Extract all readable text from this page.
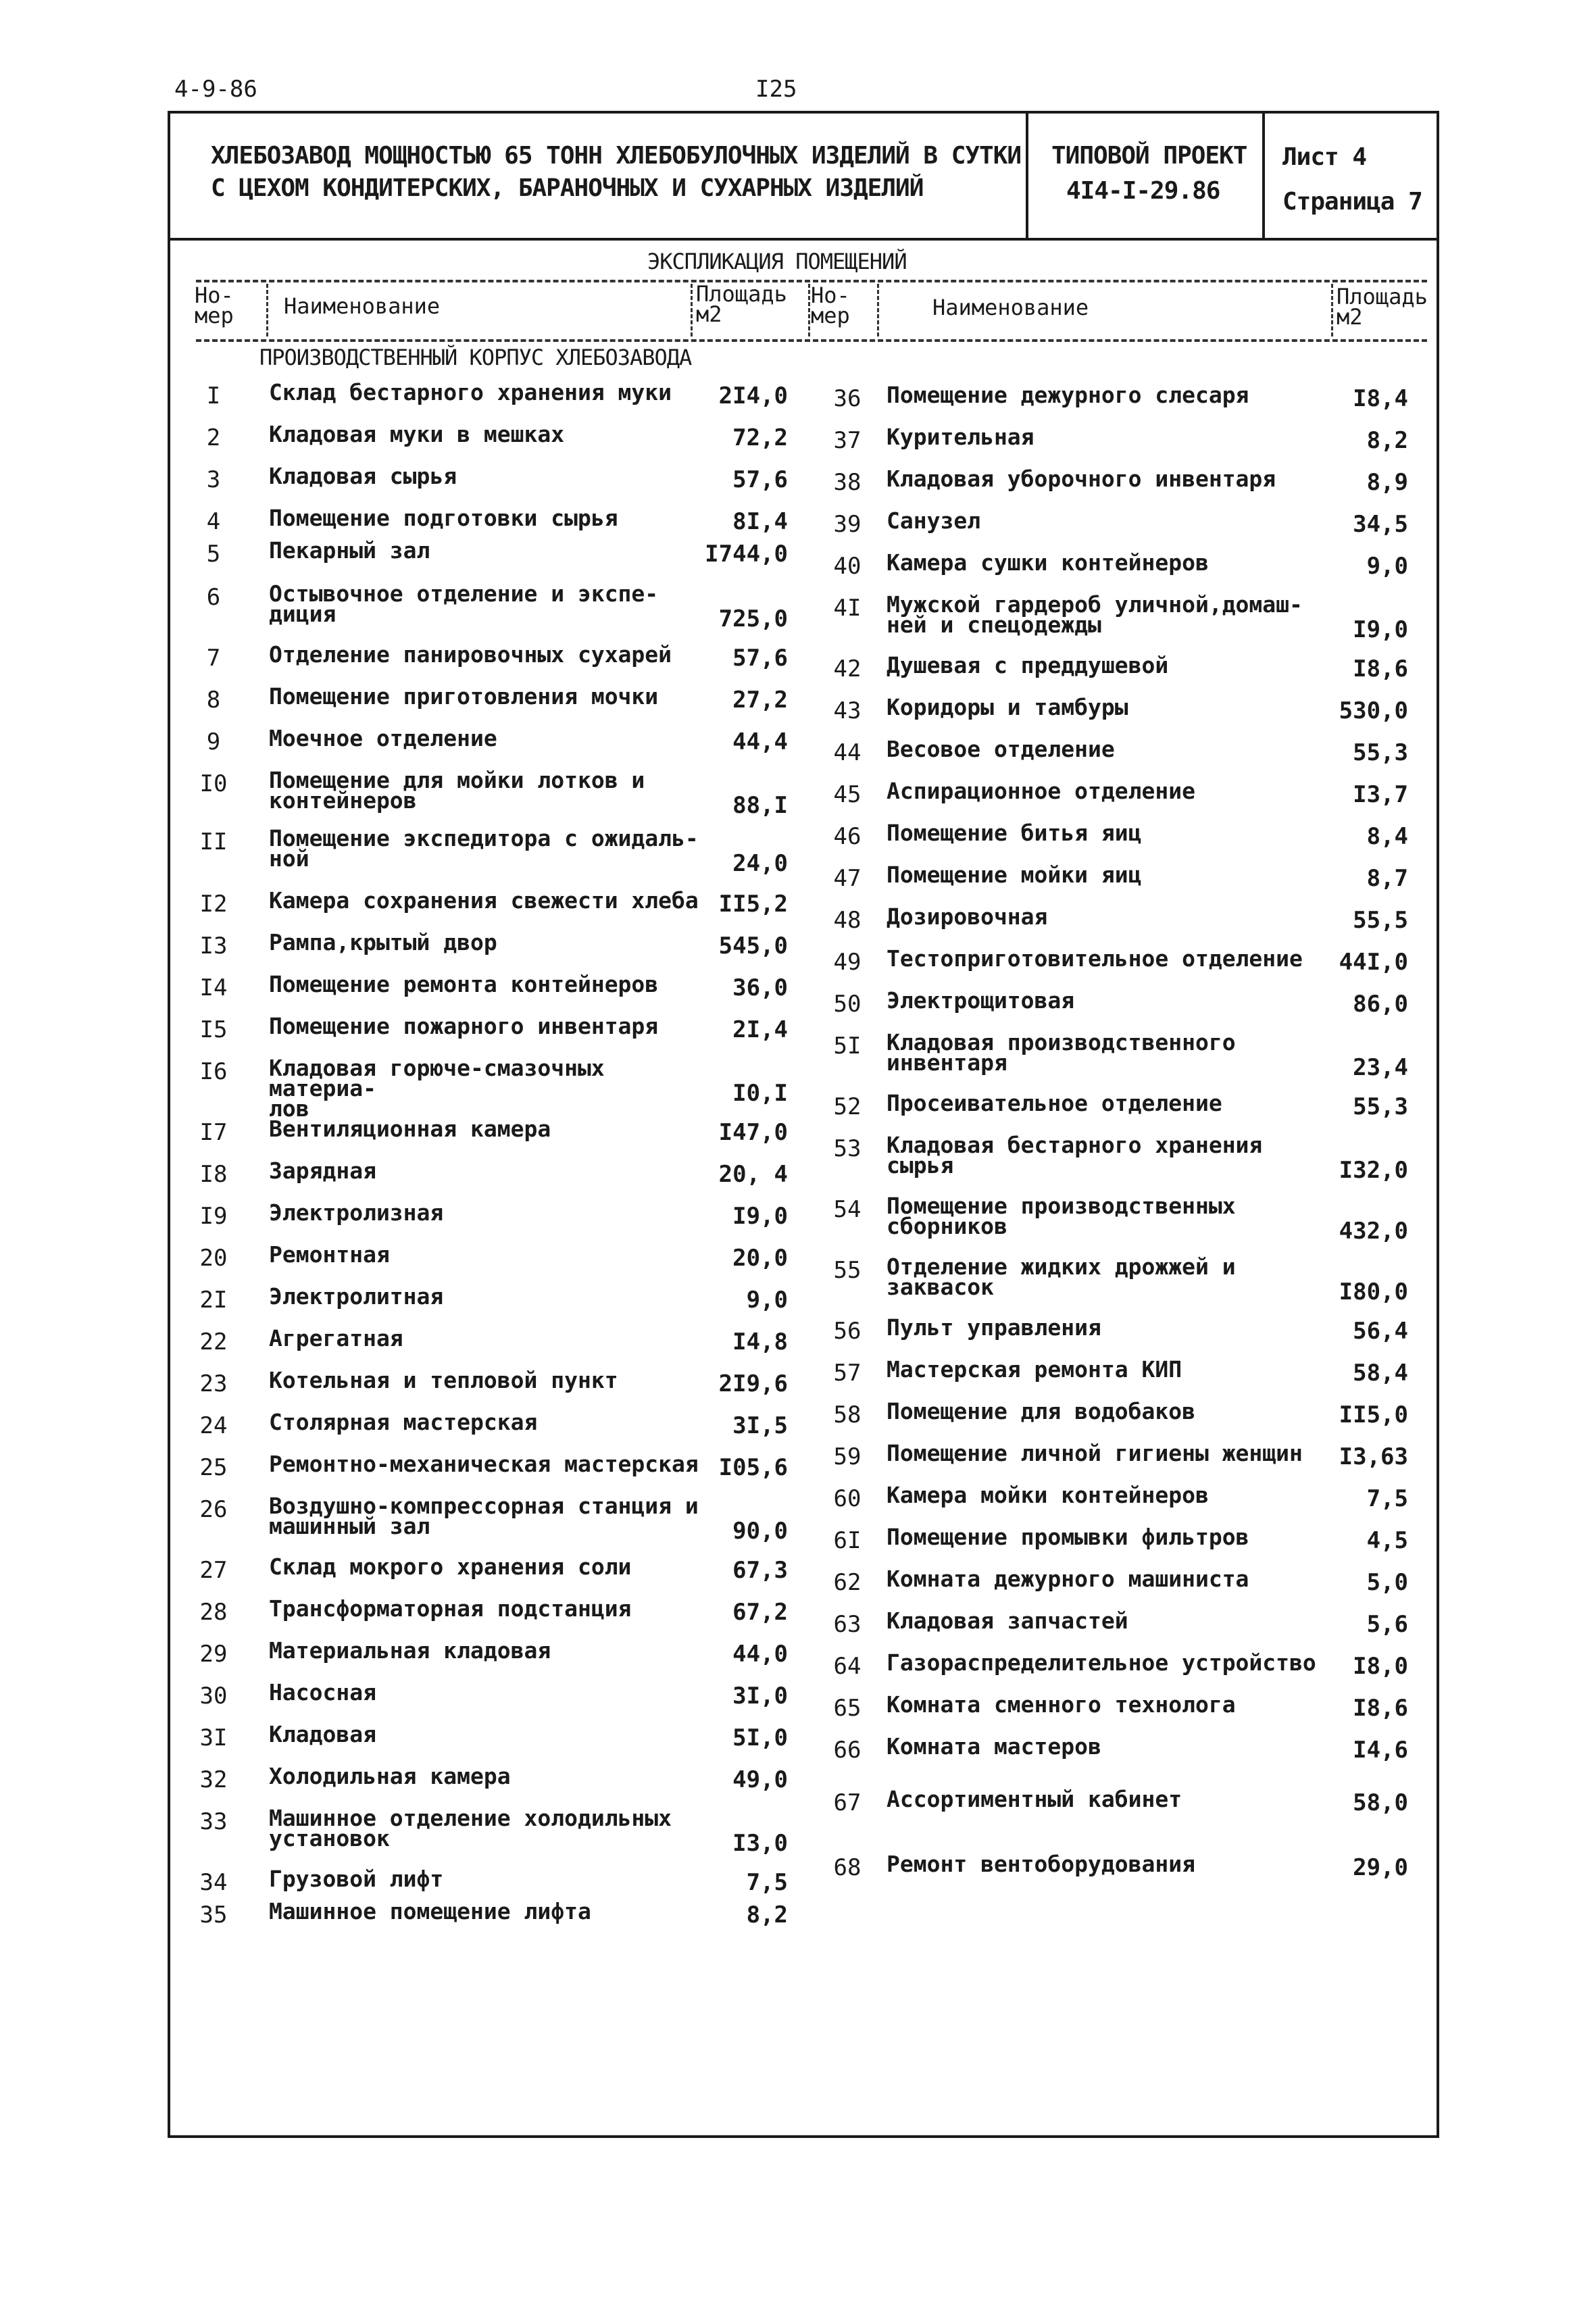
4-9-86	I25
ХЛЕБОЗАВОД МОЩНОСТЬЮ 65 ТОНН ХЛЕБОБУЛОЧНЫХ ИЗДЕЛИЙ В СУТКИ
С ЦЕХОМ КОНДИТЕРСКИХ, БАРАНОЧНЫХ И СУХАРНЫХ ИЗДЕЛИЙ
ТИПОВОЙ ПРОЕКТ
4I4-I-29.86
Лист 4
Страница 7
ЭКСПЛИКАЦИЯ ПОМЕЩЕНИЙ
Но-
мер Наименование	Площадь
м2
Но-
мер	Наименование	Площадь
м2
ПРОИЗВОДСТВЕННЫЙ КОРПУС ХЛЕБОЗАВОДА
I	Склад бестарного хранения муки	2I4,0
2	Кладовая муки в мешках	72,2
3	Кладовая сырья	57,6
4	Помещение подготовки сырья	8I,4
5	Пекарный зал	I744,0
6	Остывочное отделение и экспе-
диция	725,0
7	Отделение панировочных сухарей	57,6
8	Помещение приготовления мочки	27,2
9	Моечное отделение	44,4
I0	Помещение для мойки лотков и
контейнеров	88,I
II	Помещение экспедитора с ожидаль-
ной	24,0
I2	Камера сохранения свежести хлеба II5,2
I3	Рампа,крытый двор	545,0
I4	Помещение ремонта контейнеров	36,0
I5	Помещение пожарного инвентаря	2I,4
I6	Кладовая горюче-смазочных материа-
лов
I0,I
I7	Вентиляционная камера	I47,0
I8	Зарядная	20, 4
I9	Электролизная	I9,0
20	Ремонтная	20,0
2I	Электролитная	9,0
22	Агрегатная	I4,8
23	Котельная и тепловой пункт	2I9,6
24	Столярная мастерская	3I,5
25	Ремонтно-механическая мастерская I05,6
26	Воздушно-компрессорная станция и
машинный зал	90,0
27	Склад мокрого хранения соли	67,3
28	Трансформаторная подстанция	67,2
29	Материальная кладовая	44,0
30	Насосная	3I,0
3I	Кладовая	5I,0
32	Холодильная камера	49,0
33	Машинное отделение холодильных
установок	I3,0
34	Грузовой лифт	7,5
35	Машинное помещение лифта	8,2
36	Помещение дежурного слесаря	I8,4
37	Курительная	8,2
38	Кладовая уборочного инвентаря	8,9
39	Санузел	34,5
40	Камера сушки контейнеров	9,0
4I	Мужской гардероб уличной,домаш-
ней и спецодежды	I9,0
42	Душевая с преддушевой	I8,6
43	Коридоры и тамбуры	530,0
44	Весовое отделение	55,3
45	Аспирационное отделение	I3,7
46	Помещение битья яиц	8,4
47	Помещение мойки яиц	8,7
48	Дозировочная	55,5
49	Тестоприготовительное отделение	44I,0
50	Электрощитовая	86,0
5I	Кладовая производственного
инвентаря	23,4
52	Просеивательное отделение	55,3
53	Кладовая бестарного хранения
сырья	I32,0
54	Помещение производственных
сборников	432,0
55	Отделение жидких дрожжей и
заквасок	I80,0
56	Пульт управления	56,4
57	Мастерская ремонта КИП	58,4
58	Помещение для водобаков	II5,0
59	Помещение личной гигиены женщин	I3,63
60	Камера мойки контейнеров	7,5
6I	Помещение промывки фильтров	4,5
62	Комната дежурного машиниста	5,0
63	Кладовая запчастей	5,6
64	Газораспределительное устройство	I8,0
65	Комната сменного технолога	I8,6
66	Комната мастеров	I4,6
67	Ассортиментный кабинет	58,0
68	Ремонт вентоборудования	29,0
